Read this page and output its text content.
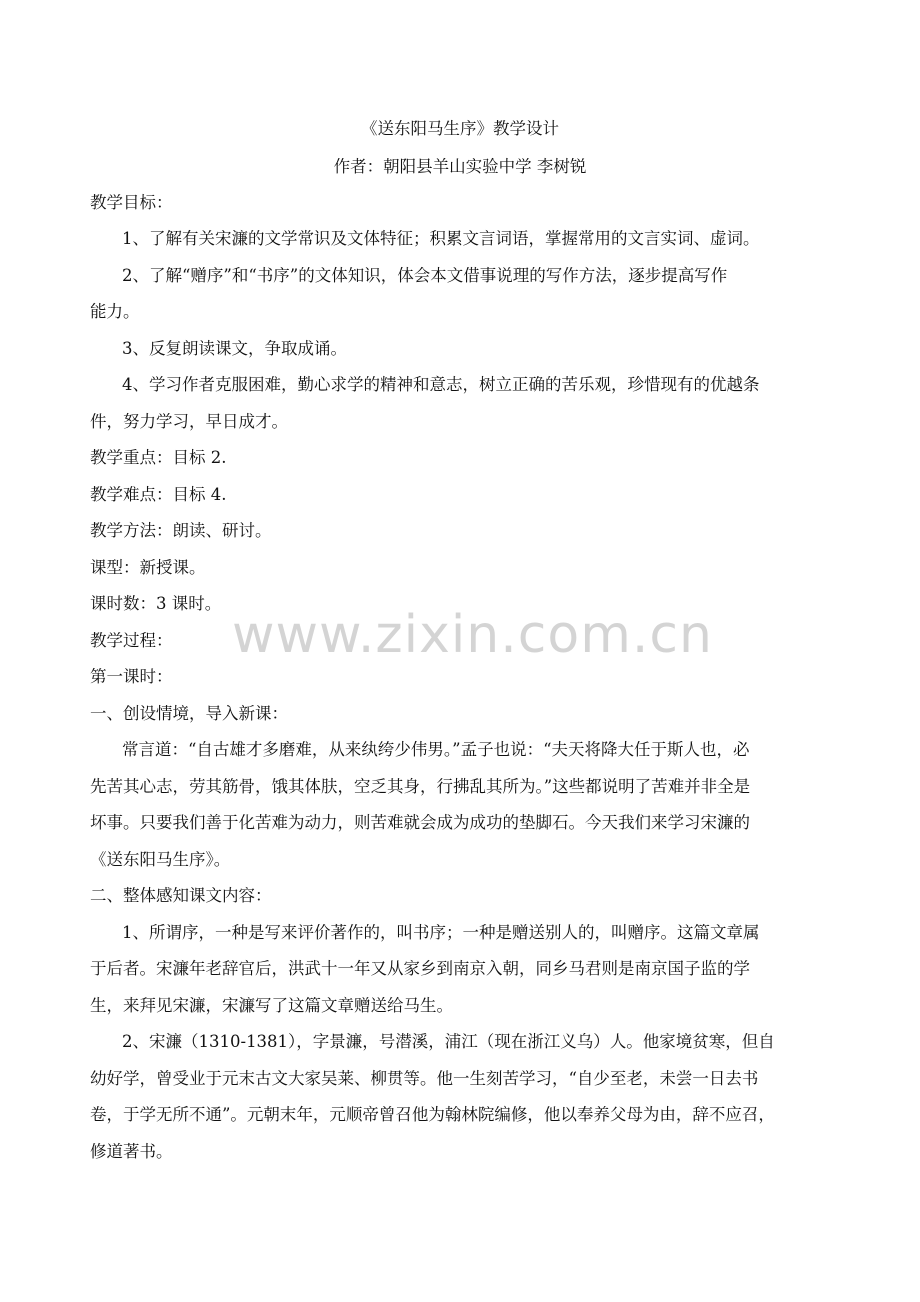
《送东阳马生序》教学设计
作者：朝阳县羊山实验中学 李树锐
教学目标：
1、了解有关宋濂的文学常识及文体特征；积累文言词语，掌握常用的文言实词、虚词。
2、了解“赠序”和“书序”的文体知识，体会本文借事说理的写作方法，逐步提高写作
能力。
3、反复朗读课文，争取成诵。
4、学习作者克服困难，勤心求学的精神和意志，树立正确的苦乐观，珍惜现有的优越条
件，努力学习，早日成才。
教学重点：目标 2.
教学难点：目标 4.
教学方法：朗读、研讨。
课型：新授课。
课时数：3 课时。
教学过程：
第一课时：
一、创设情境，导入新课：
常言道：“自古雄才多磨难，从来纨绔少伟男。”孟子也说：“夫天将降大任于斯人也，必
先苦其心志，劳其筋骨，饿其体肤，空乏其身，行拂乱其所为。”这些都说明了苦难并非全是
坏事。只要我们善于化苦难为动力，则苦难就会成为成功的垫脚石。今天我们来学习宋濂的
《送东阳马生序》。
二、整体感知课文内容：
1、所谓序，一种是写来评价著作的，叫书序；一种是赠送别人的，叫赠序。这篇文章属
于后者。宋濂年老辞官后，洪武十一年又从家乡到南京入朝，同乡马君则是南京国子监的学
生，来拜见宋濂，宋濂写了这篇文章赠送给马生。
2、宋濂（1310-1381），字景濂，号潜溪，浦江（现在浙江义乌）人。他家境贫寒，但自
幼好学，曾受业于元末古文大家吴莱、柳贯等。他一生刻苦学习，“自少至老，未尝一日去书
卷，于学无所不通”。元朝末年，元顺帝曾召他为翰林院编修，他以奉养父母为由，辞不应召，
修道著书。
www.zixin.com.cn
